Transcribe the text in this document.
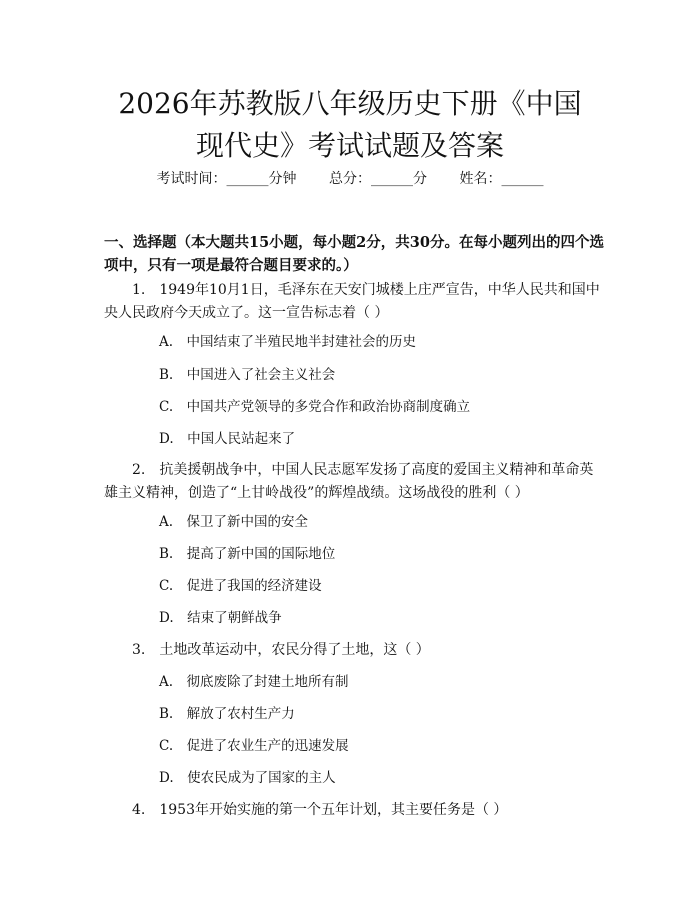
2026年苏教版八年级历史下册《中国现代史》考试试题及答案
考试时间：______分钟 总分：______分 姓名：______
一、选择题（本大题共15小题，每小题2分，共30分。在每小题列出的四个选项中，只有一项是最符合题目要求的。）
1.　1949年10月1日，毛泽东在天安门城楼上庄严宣告，中华人民共和国中央人民政府今天成立了。这一宣告标志着（ ）
A.　中国结束了半殖民地半封建社会的历史
B.　中国进入了社会主义社会
C.　中国共产党领导的多党合作和政治协商制度确立
D.　中国人民站起来了
2.　抗美援朝战争中，中国人民志愿军发扬了高度的爱国主义精神和革命英雄主义精神，创造了“上甘岭战役”的辉煌战绩。这场战役的胜利（ ）
A.　保卫了新中国的安全
B.　提高了新中国的国际地位
C.　促进了我国的经济建设
D.　结束了朝鲜战争
3.　土地改革运动中，农民分得了土地，这（ ）
A.　彻底废除了封建土地所有制
B.　解放了农村生产力
C.　促进了农业生产的迅速发展
D.　使农民成为了国家的主人
4.　1953年开始实施的第一个五年计划，其主要任务是（ ）
